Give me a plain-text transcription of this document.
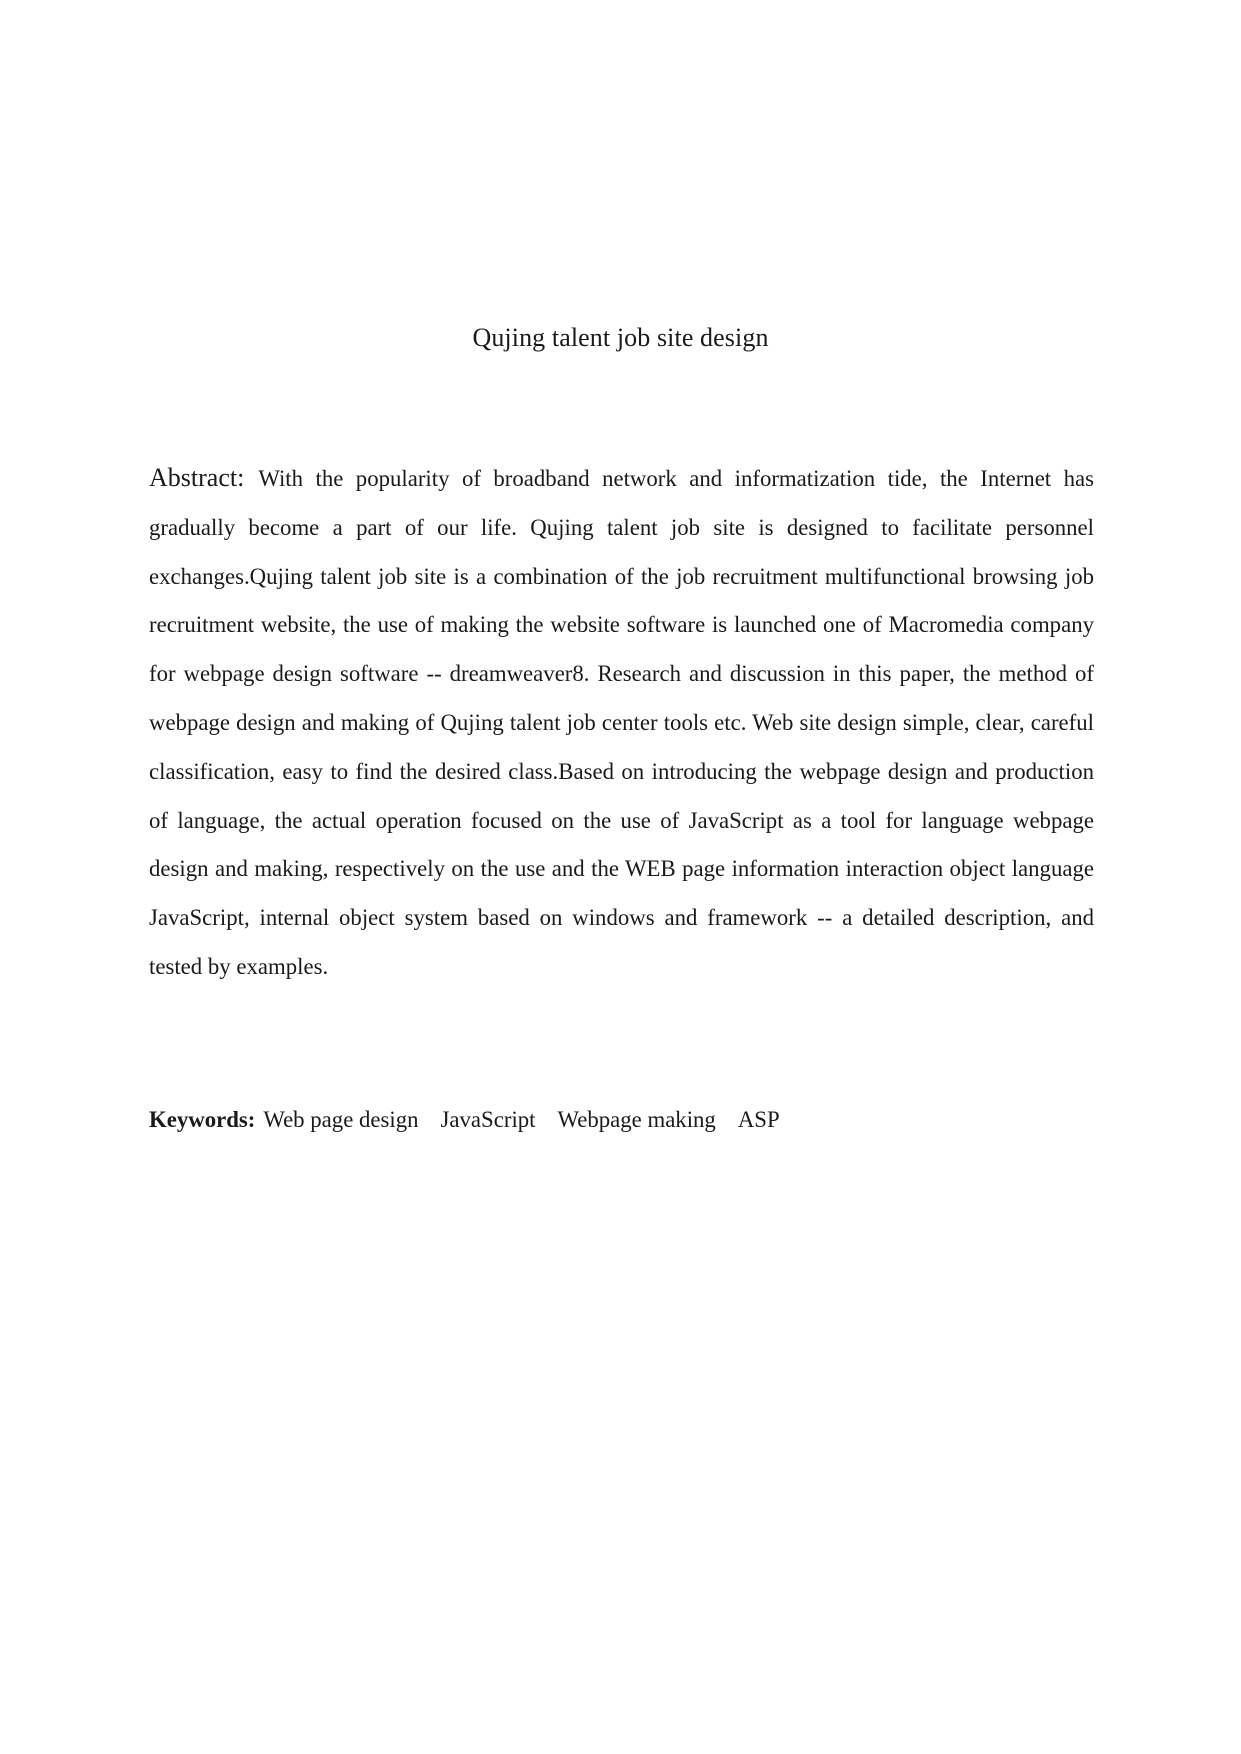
Qujing talent job site design

Abstract: With the popularity of broadband network and informatization tide, the Internet has gradually become a part of our life. Qujing talent job site is designed to facilitate personnel exchanges.Qujing talent job site is a combination of the job recruitment multifunctional browsing job recruitment website, the use of making the website software is launched one of Macromedia company for webpage design software -- dreamweaver8. Research and discussion in this paper, the method of webpage design and making of Qujing talent job center tools etc. Web site design simple, clear, careful classification, easy to find the desired class.Based on introducing the webpage design and production of language, the actual operation focused on the use of JavaScript as a tool for language webpage design and making, respectively on the use and the WEB page information interaction object language JavaScript, internal object system based on windows and framework -- a detailed description, and tested by examples.

Keywords: Web page design JavaScript Webpage making ASP
